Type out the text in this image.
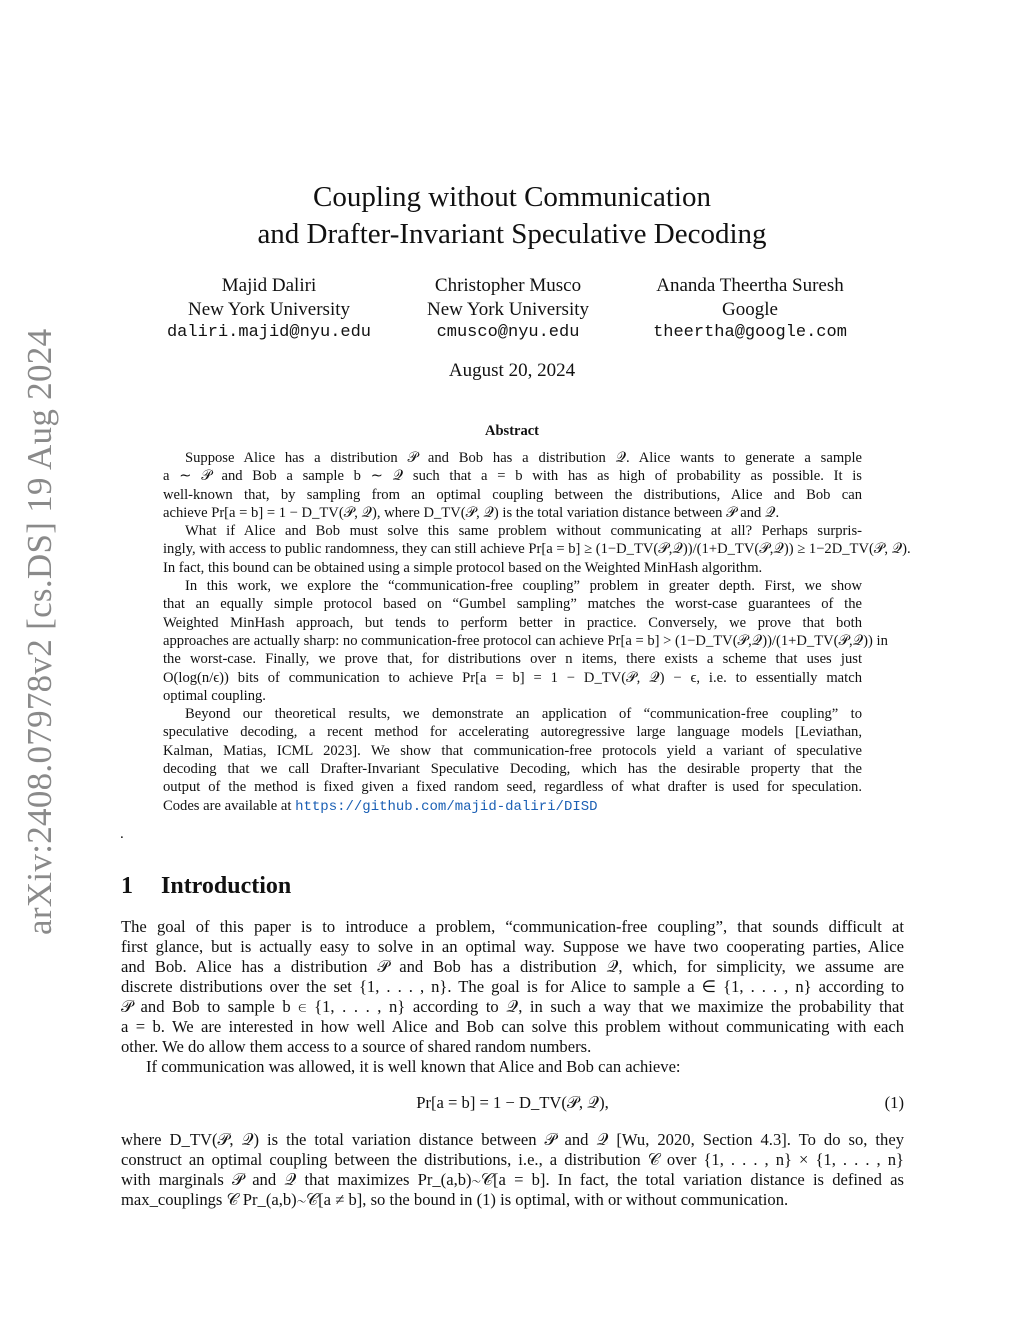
arXiv:2408.07978v2 [cs.DS] 19 Aug 2024
Coupling without Communication
and Drafter-Invariant Speculative Decoding
Majid Daliri
New York University
daliri.majid@nyu.edu
Christopher Musco
New York University
cmusco@nyu.edu
Ananda Theertha Suresh
Google
theertha@google.com
August 20, 2024
Abstract
Suppose Alice has a distribution 𝒫 and Bob has a distribution 𝒬. Alice wants to generate a sample
a ∼ 𝒫 and Bob a sample b ∼ 𝒬 such that a = b with has as high of probability as possible. It is
well-known that, by sampling from an optimal coupling between the distributions, Alice and Bob can
achieve Pr[a = b] = 1 − D_TV(𝒫, 𝒬), where D_TV(𝒫, 𝒬) is the total variation distance between 𝒫 and 𝒬.
What if Alice and Bob must solve this same problem without communicating at all? Perhaps surpris-
ingly, with access to public randomness, they can still achieve Pr[a = b] ≥ (1−D_TV(𝒫,𝒬))/(1+D_TV(𝒫,𝒬)) ≥ 1−2D_TV(𝒫, 𝒬).
In fact, this bound can be obtained using a simple protocol based on the Weighted MinHash algorithm.
In this work, we explore the “communication-free coupling” problem in greater depth. First, we show
that an equally simple protocol based on “Gumbel sampling” matches the worst-case guarantees of the
Weighted MinHash approach, but tends to perform better in practice. Conversely, we prove that both
approaches are actually sharp: no communication-free protocol can achieve Pr[a = b] > (1−D_TV(𝒫,𝒬))/(1+D_TV(𝒫,𝒬)) in
the worst-case. Finally, we prove that, for distributions over n items, there exists a scheme that uses just
O(log(n/ϵ)) bits of communication to achieve Pr[a = b] = 1 − D_TV(𝒫, 𝒬) − ϵ, i.e. to essentially match
optimal coupling.
Beyond our theoretical results, we demonstrate an application of “communication-free coupling” to
speculative decoding, a recent method for accelerating autoregressive large language models [Leviathan,
Kalman, Matias, ICML 2023]. We show that communication-free protocols yield a variant of speculative
decoding that we call Drafter-Invariant Speculative Decoding, which has the desirable property that the
output of the method is fixed given a fixed random seed, regardless of what drafter is used for speculation.
Codes are available at https://github.com/majid-daliri/DISD
.
1 Introduction
The goal of this paper is to introduce a problem, “communication-free coupling”, that sounds difficult at
first glance, but is actually easy to solve in an optimal way. Suppose we have two cooperating parties, Alice
and Bob. Alice has a distribution 𝒫 and Bob has a distribution 𝒬, which, for simplicity, we assume are
discrete distributions over the set {1, . . . , n}. The goal is for Alice to sample a ∈ {1, . . . , n} according to
𝒫 and Bob to sample b ∈ {1, . . . , n} according to 𝒬, in such a way that we maximize the probability that
a = b. We are interested in how well Alice and Bob can solve this problem without communicating with each
other. We do allow them access to a source of shared random numbers.
If communication was allowed, it is well known that Alice and Bob can achieve:
Pr[a = b] = 1 − D_TV(𝒫, 𝒬),	(1)
where D_TV(𝒫, 𝒬) is the total variation distance between 𝒫 and 𝒬 [Wu, 2020, Section 4.3]. To do so, they
construct an optimal coupling between the distributions, i.e., a distribution 𝒞 over {1, . . . , n} × {1, . . . , n}
with marginals 𝒫 and 𝒬 that maximizes Pr_(a,b)∼𝒞[a = b]. In fact, the total variation distance is defined as
max_couplings 𝒞 Pr_(a,b)∼𝒞[a ≠ b], so the bound in (1) is optimal, with or without communication.
